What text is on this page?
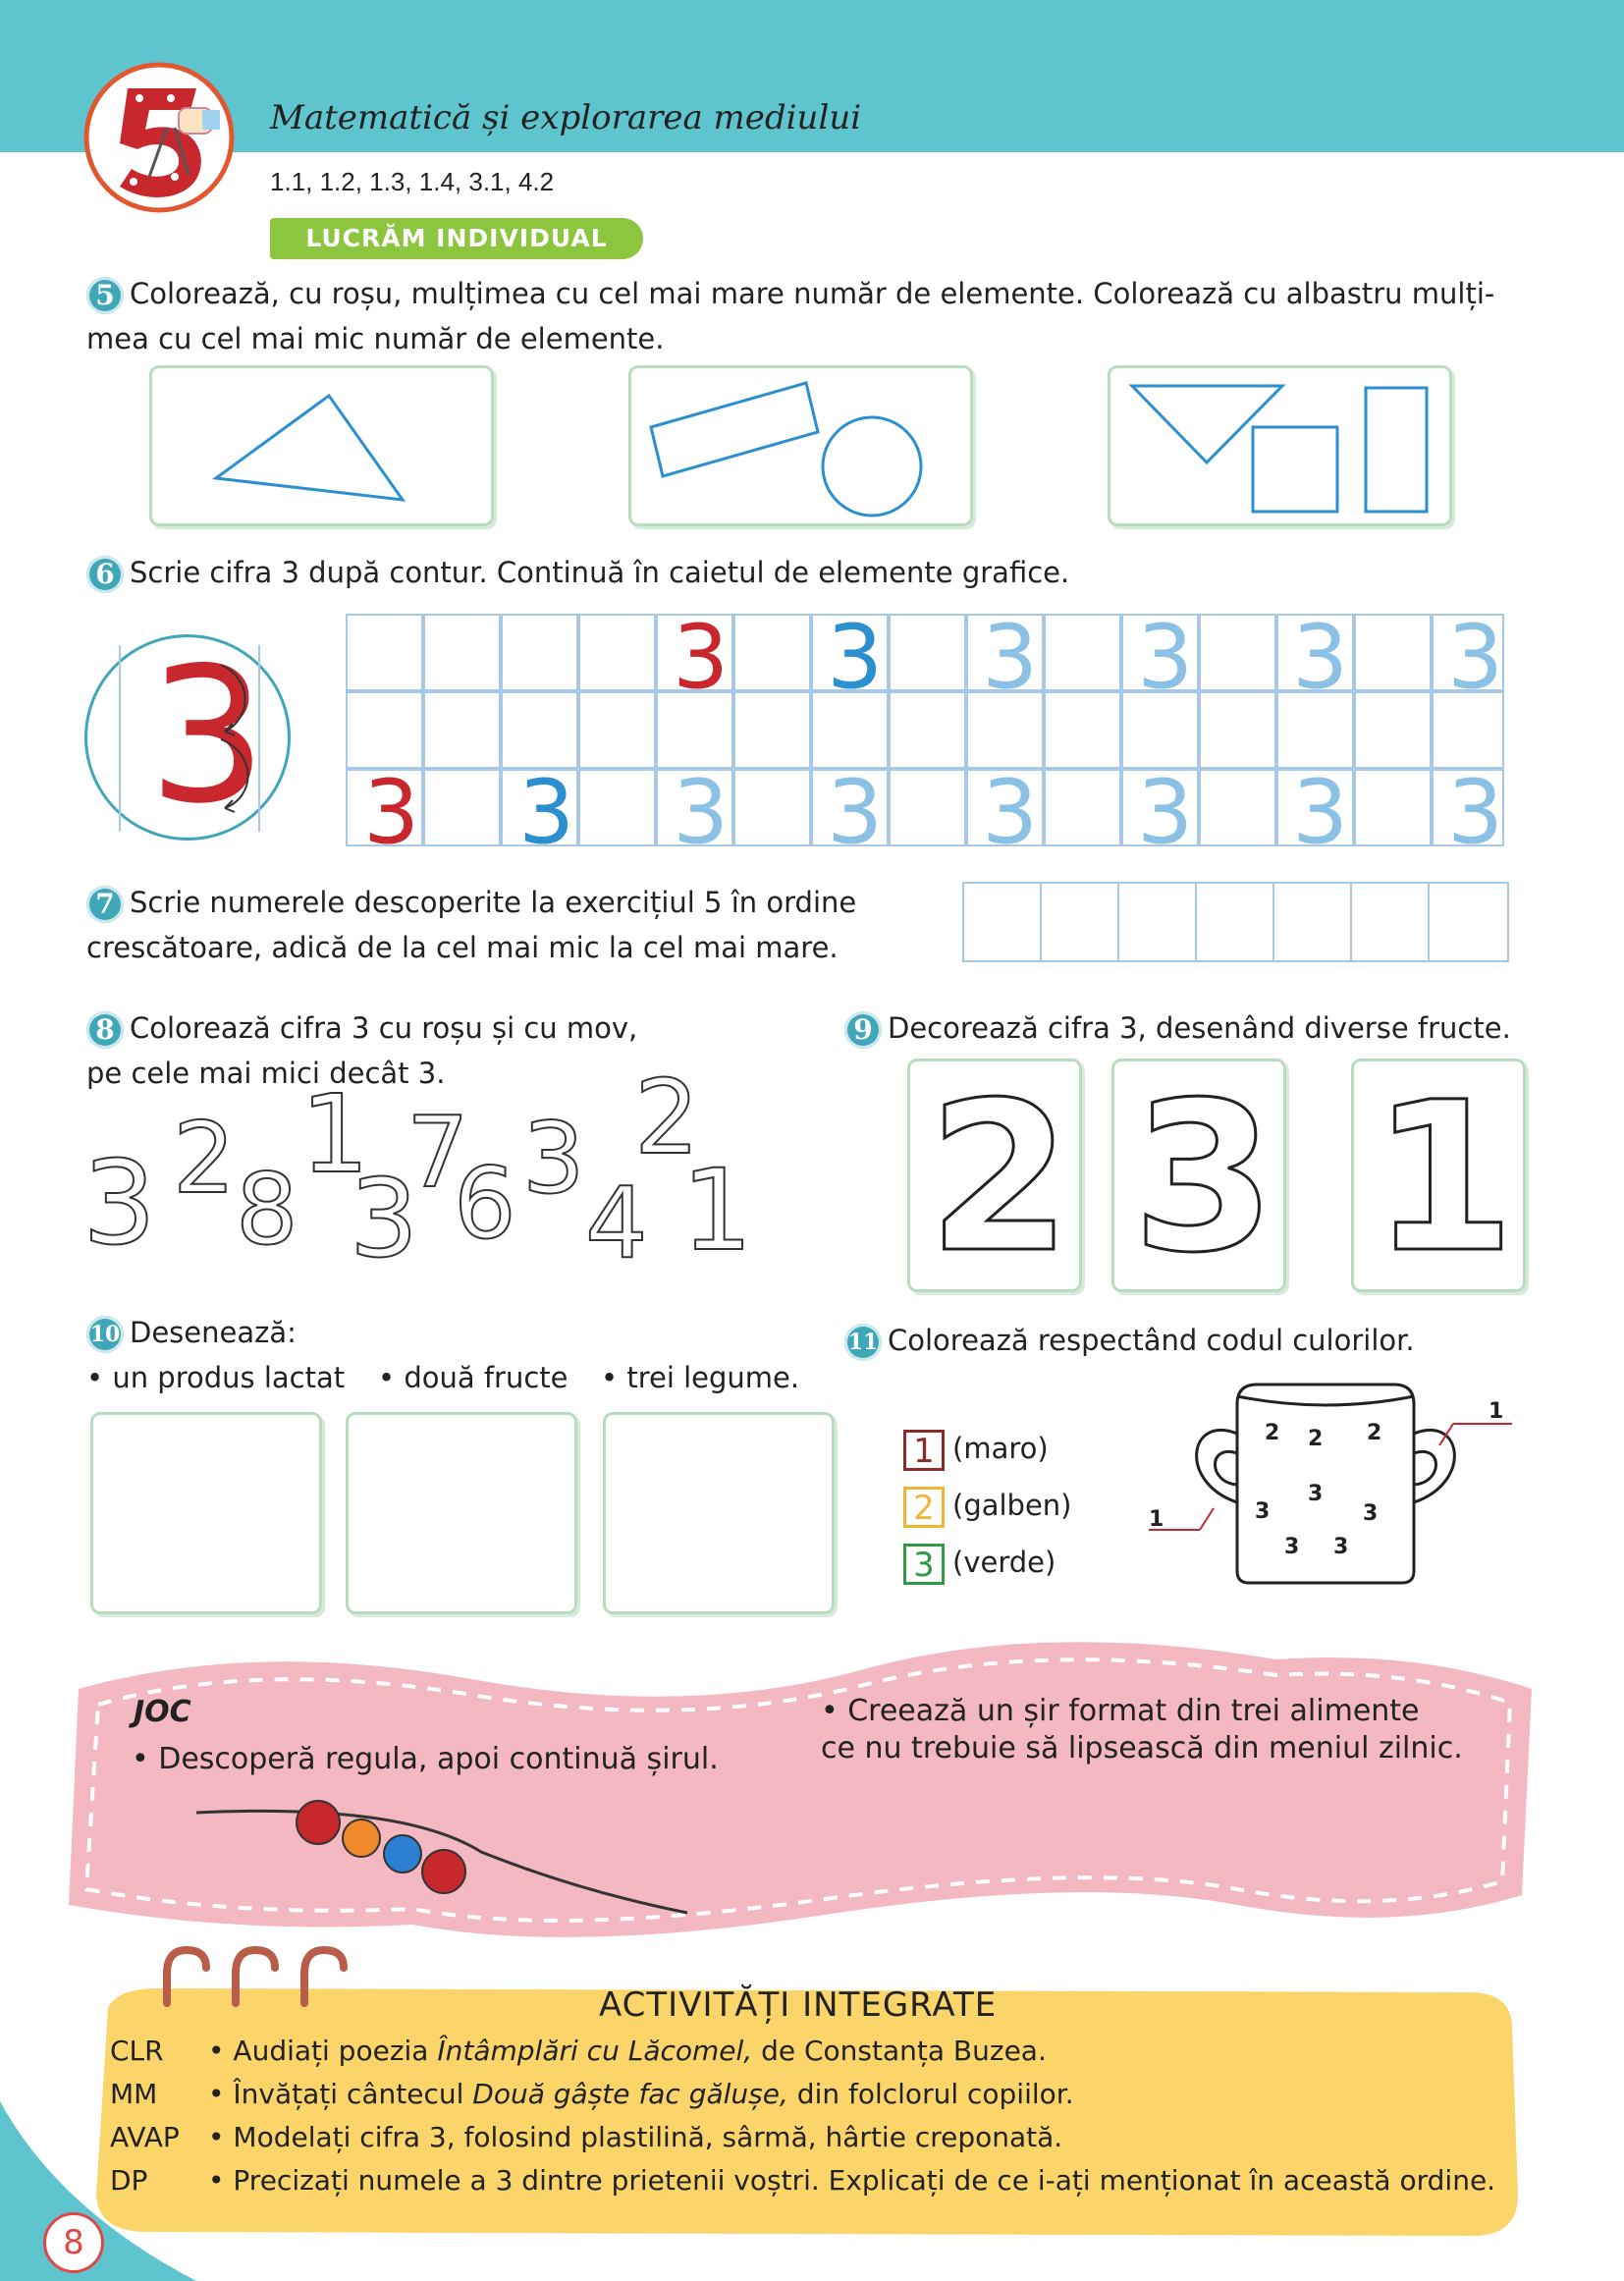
5
Matematică și explorarea mediului
1.1, 1.2, 1.3, 1.4, 3.1, 4.2
LUCRĂM INDIVIDUAL
5 Colorează, cu roșu, mulțimea cu cel mai mare număr de elemente. Colorează cu albastru mulți-
mea cu cel mai mic număr de elemente.
6 Scrie cifra 3 după contur. Continuă în caietul de elemente grafice.
3	3 3 3 3 3 3
3 3 3 3 3 3 3 3
7 Scrie numerele descoperite la exercițiul 5 în ordine
crescătoare, adică de la cel mai mic la cel mai mare.
8 Colorează cifra 3 cu roșu și cu mov,
pe cele mai mici decât 3.
3 2 8
1
3
7
6 3
4
2
1
9 Decorează cifra 3, desenând diverse fructe.
2 3 1
10 Desenează:
• un produs lactat • două fructe • trei legume.
11 Colorează respectând codul culorilor.
1 (maro)
2 (galben)
3 (verde)
2 2 2
3
3	3
3 3
1
1
JOC
• Descoperă regula, apoi continuă șirul.
• Creează un șir format din trei alimente
ce nu trebuie să lipsească din meniul zilnic.
ACTIVITĂȚI INTEGRATE
CLR • Audiați poezia Întâmplări cu Lăcomel, de Constanța Buzea.
MM • Învățați cântecul Două gâște fac gălușe, din folclorul copiilor.
AVAP • Modelați cifra 3, folosind plastilină, sârmă, hârtie creponată.
DP • Precizați numele a 3 dintre prietenii voștri. Explicați de ce i-ați menționat în această ordine.
8
